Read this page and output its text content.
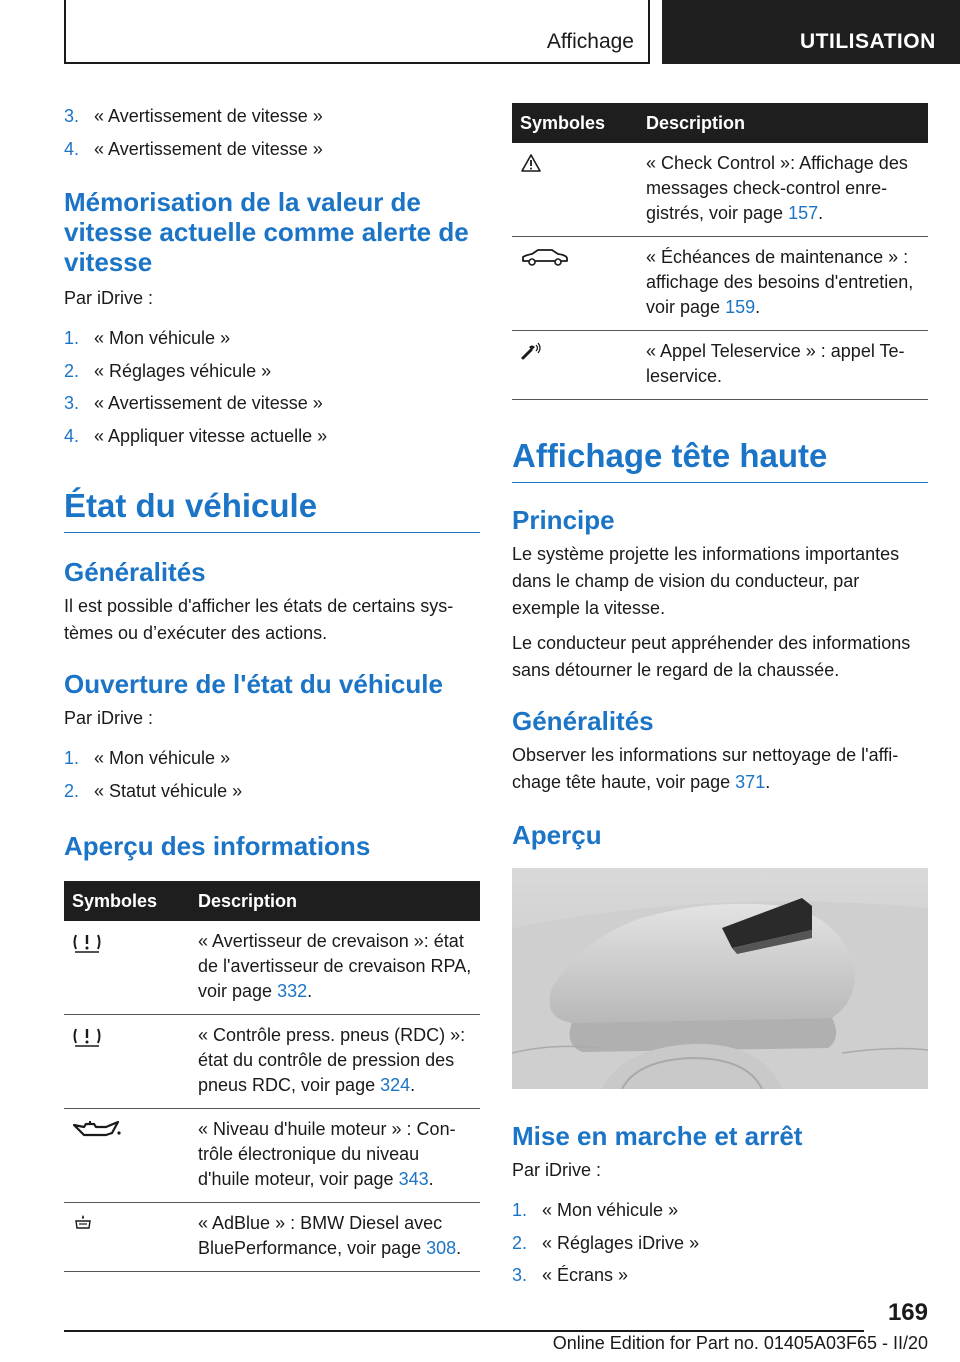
Affichage	UTILISATION
3. « Avertissement de vitesse »
4. « Avertissement de vitesse »
Mémorisation de la valeur de vitesse actuelle comme alerte de vitesse

Par iDrive :

1. « Mon véhicule »
2. « Réglages véhicule »
3. « Avertissement de vitesse »
4. « Appliquer vitesse actuelle »
État du véhicule
Généralités

Il est possible d'afficher les états de certains systèmes ou d’exécuter des actions.

Ouverture de l'état du véhicule

Par iDrive :

1. « Mon véhicule »
2. « Statut véhicule »
Aperçu des informations
Symboles	Description
	« Avertisseur de crevaison »: état de l'avertisseur de crevaison RPA, voir page 332.
	« Contrôle press. pneus (RDC) »: état du contrôle de pression des pneus RDC, voir page 324.
	« Niveau d'huile moteur » : Contrôle électronique du niveau d'huile moteur, voir page 343.
	« AdBlue » : BMW Diesel avec BluePerformance, voir page 308.
Symboles	Description
	« Check Control »: Affichage des messages check-control enregistrés, voir page 157.
	« Échéances de maintenance » : affichage des besoins d'entretien, voir page 159.
	« Appel Teleservice » : appel Teleservice.
Affichage tête haute
Principe

Le système projette les informations importantes dans le champ de vision du conducteur, par exemple la vitesse.

Le conducteur peut appréhender des informations sans détourner le regard de la chaussée.

Généralités

Observer les informations sur nettoyage de l'affichage tête haute, voir page 371.

Aperçu
Mise en marche et arrêt

Par iDrive :

1. « Mon véhicule »
2. « Réglages iDrive »
3. « Écrans »
169
Online Edition for Part no. 01405A03F65 - II/20
